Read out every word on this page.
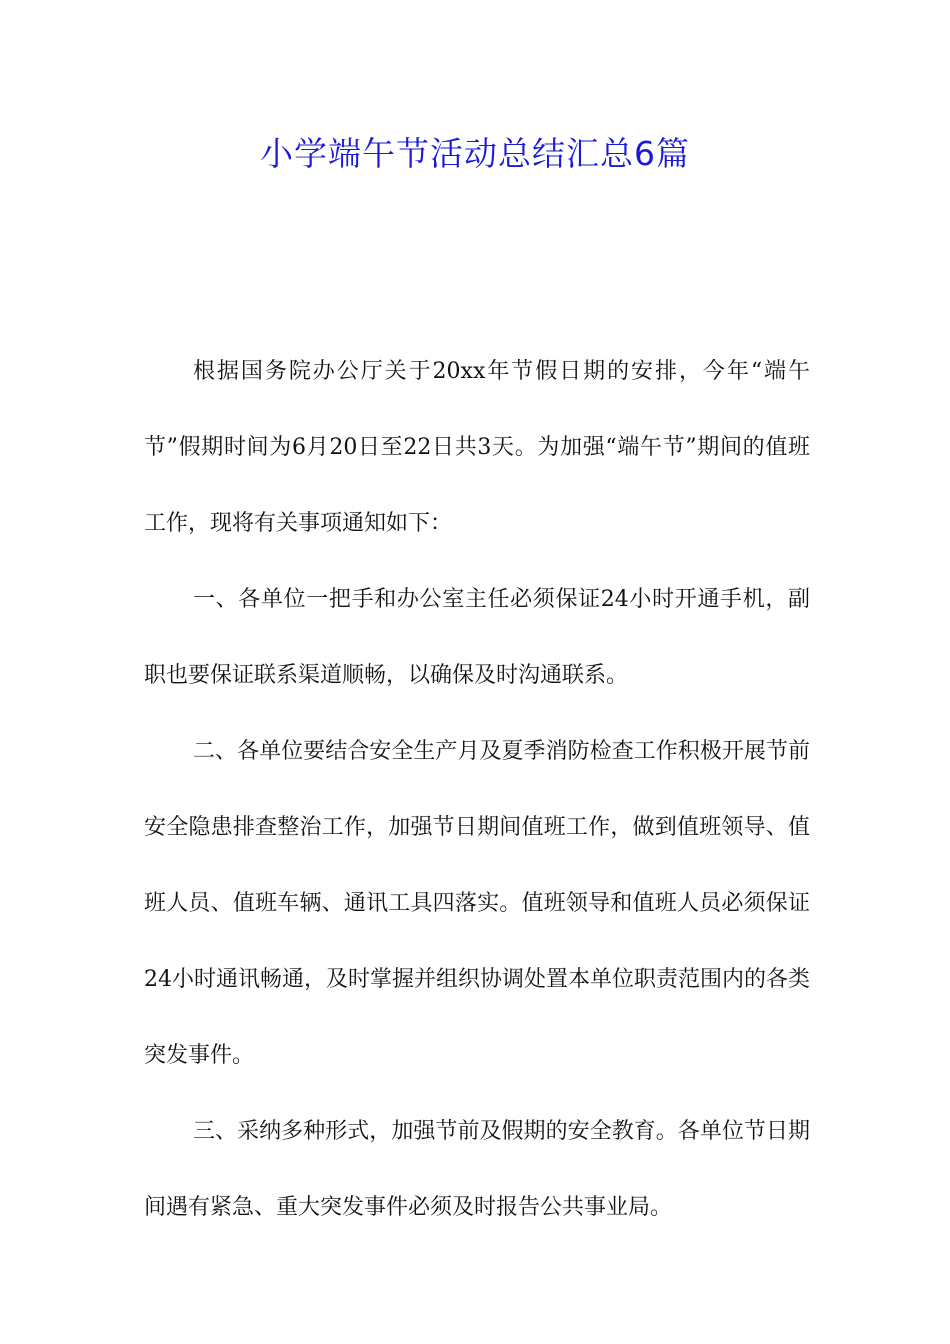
小学端午节活动总结汇总6篇

根据国务院办公厅关于20xx年节假日期的安排，今年“端午节”假期时间为6月20日至22日共3天。为加强“端午节”期间的值班工作，现将有关事项通知如下：

一、各单位一把手和办公室主任必须保证24小时开通手机，副职也要保证联系渠道顺畅，以确保及时沟通联系。

二、各单位要结合安全生产月及夏季消防检查工作积极开展节前安全隐患排查整治工作，加强节日期间值班工作，做到值班领导、值班人员、值班车辆、通讯工具四落实。值班领导和值班人员必须保证24小时通讯畅通，及时掌握并组织协调处置本单位职责范围内的各类突发事件。

三、采纳多种形式，加强节前及假期的安全教育。各单位节日期间遇有紧急、重大突发事件必须及时报告公共事业局。
